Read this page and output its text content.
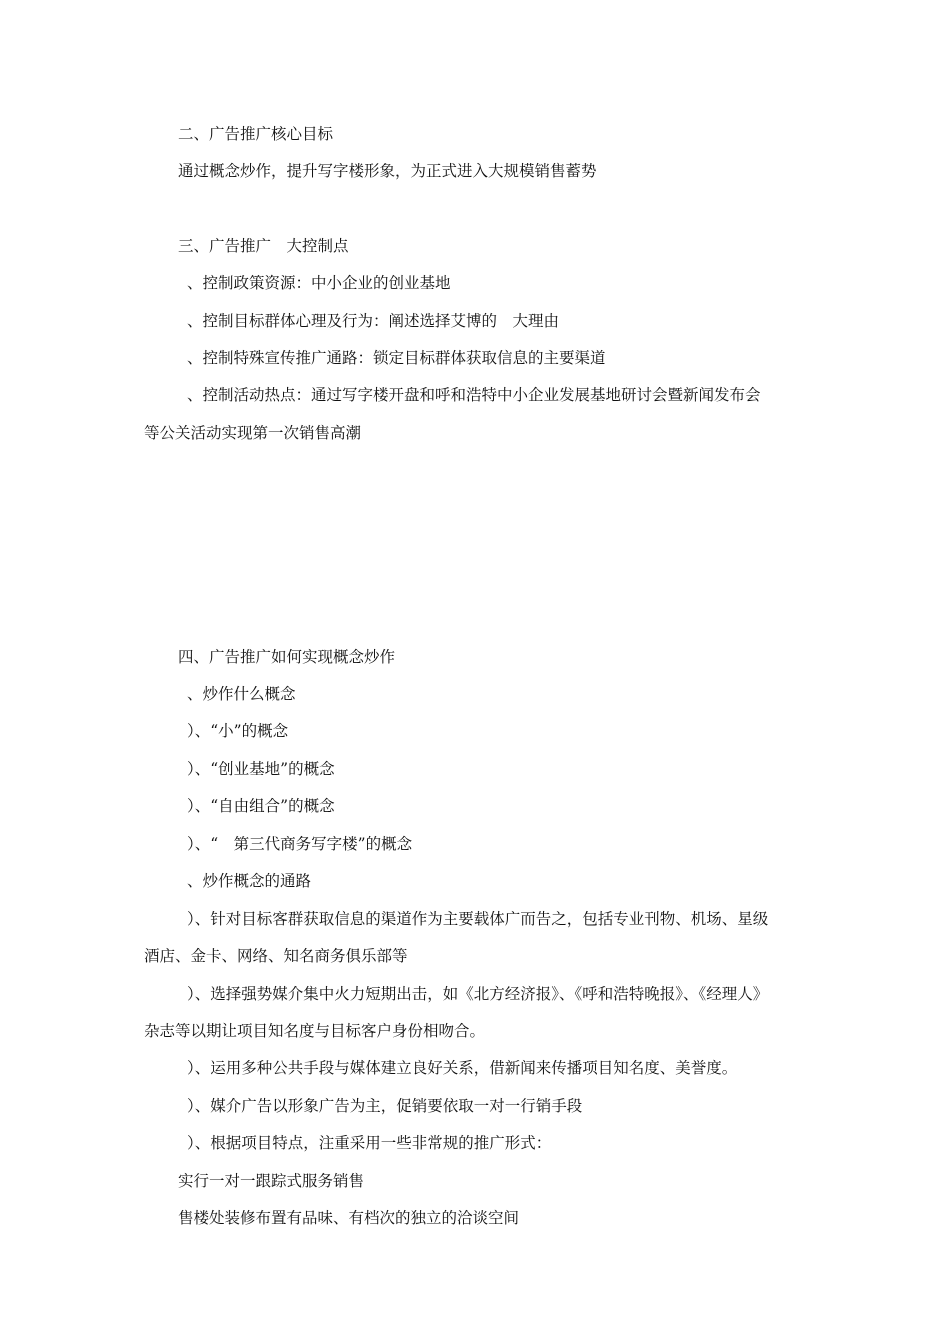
二、广告推广核心目标
通过概念炒作，提升写字楼形象，为正式进入大规模销售蓄势
三、广告推广　大控制点
、控制政策资源：中小企业的创业基地
、控制目标群体心理及行为：阐述选择艾博的　大理由
、控制特殊宣传推广通路：锁定目标群体获取信息的主要渠道
、控制活动热点：通过写字楼开盘和呼和浩特中小企业发展基地研讨会暨新闻发布会
等公关活动实现第一次销售高潮
四、广告推广如何实现概念炒作
、炒作什么概念
）、“小”的概念
）、“创业基地”的概念
）、“自由组合”的概念
）、“　第三代商务写字楼”的概念
、炒作概念的通路
）、针对目标客群获取信息的渠道作为主要载体广而告之，包括专业刊物、机场、星级
酒店、金卡、网络、知名商务俱乐部等
）、选择强势媒介集中火力短期出击，如《北方经济报》、《呼和浩特晚报》、《经理人》
杂志等以期让项目知名度与目标客户身份相吻合。
）、运用多种公共手段与媒体建立良好关系，借新闻来传播项目知名度、美誉度。
）、媒介广告以形象广告为主，促销要依取一对一行销手段
）、根据项目特点，注重采用一些非常规的推广形式：
实行一对一跟踪式服务销售
售楼处装修布置有品味、有档次的独立的洽谈空间
